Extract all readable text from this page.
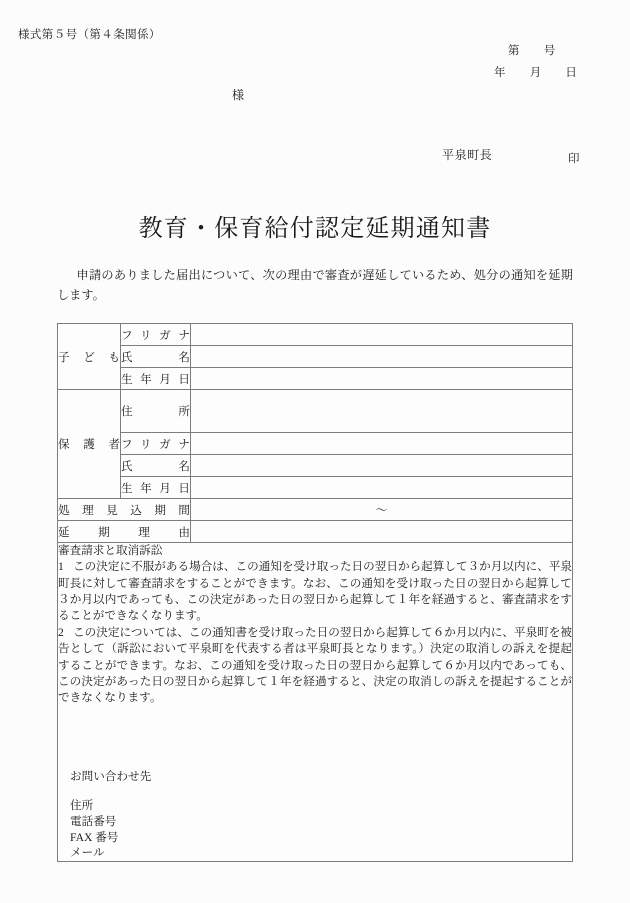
様式第５号（第４条関係）
第　　号
年　　月　　日
様
平泉町長	印
教育・保育給付認定延期通知書
申請のありました届出について、次の理由で審査が遅延しているため、処分の通知を延期します。
子ども	フリガナ	
	氏名	
	生年月日	
保護者	住所	
	フリガナ	
	氏名	
	生年月日	
処理見込期間		〜
延期理由		

審査請求と取消訴訟
1 この決定に不服がある場合は、この通知を受け取った日の翌日から起算して３か月以内に、平泉町長に対して審査請求をすることができます。なお、この通知を受け取った日の翌日から起算して３か月以内であっても、この決定があった日の翌日から起算して１年を経過すると、審査請求をすることができなくなります。
2 この決定については、この通知書を受け取った日の翌日から起算して６か月以内に、平泉町を被告として（訴訟において平泉町を代表する者は平泉町長となります。）決定の取消しの訴えを提起することができます。なお、この通知を受け取った日の翌日から起算して６か月以内であっても、この決定があった日の翌日から起算して１年を経過すると、決定の取消しの訴えを提起することができなくなります。
お問い合わせ先
住所
電話番号
FAX 番号
メール
